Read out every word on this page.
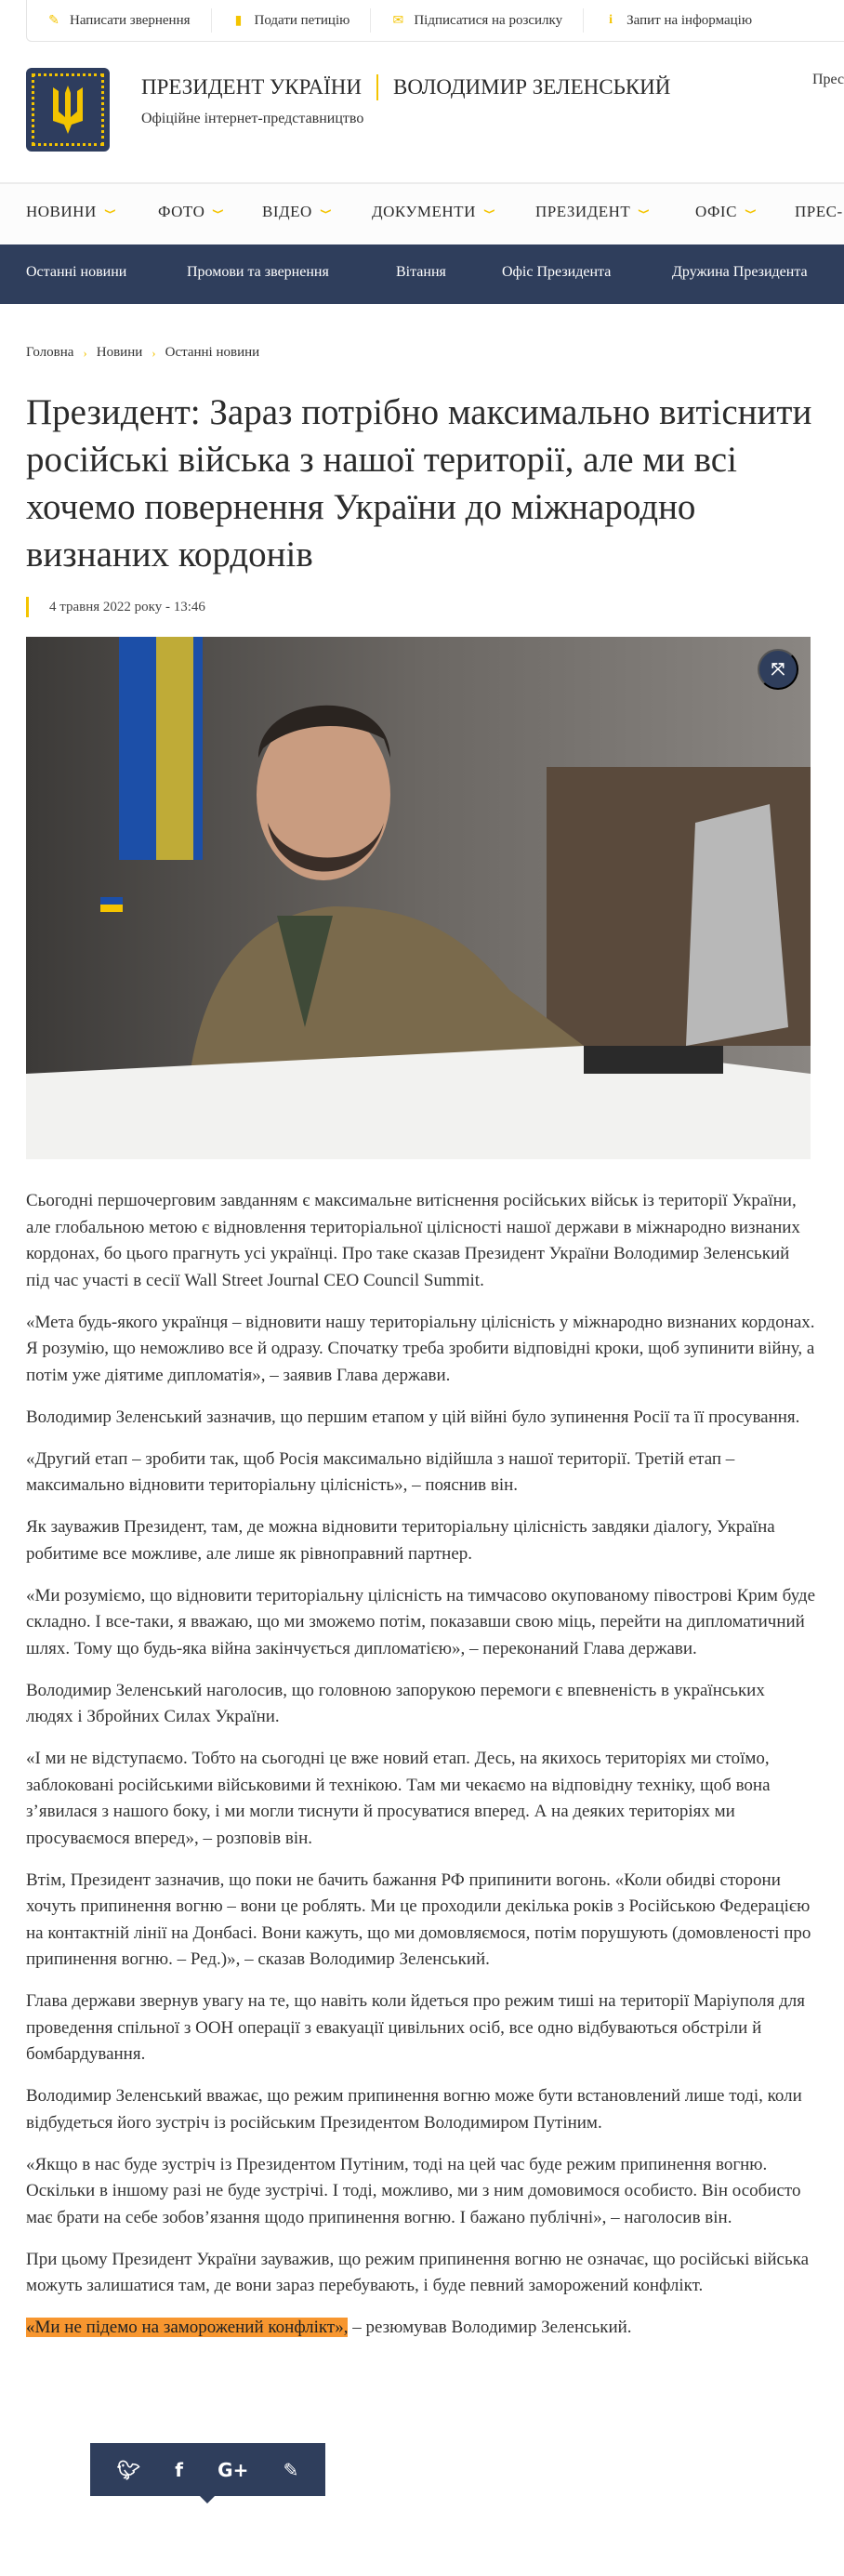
✎ Написати звернення	▮ Подати петицію	✉ Підписатися на розсилку	i	Запит на інформацію
ПРЕЗИДЕНТ УКРАЇНИ ВОЛОДИМИР ЗЕЛЕНСЬКИЙ
Офіційне інтернет-представництво
Прес
НОВИНИ ❯	ФОТО ❯ ВІДЕО ❯	ДОКУМЕНТИ ❯	ПРЕЗИДЕНТ ❯	ОФІС ❯ ПРЕС-
Останні новини	Промови та звернення	Вітання	Офіс Президента	Дружина Президента
Головна › Новини › Останні новини
Президент: Зараз потрібно максимально витіснити російські війська з нашої території, але ми всі хочемо повернення України до міжнародно визнаних кордонів
4 травня 2022 року - 13:46
⤧

Сьогодні першочерговим завданням є максимальне витіснення російських військ із території України, але глобальною метою є відновлення територіальної цілісності нашої держави в міжнародно визнаних кордонах, бо цього прагнуть усі українці. Про таке сказав Президент України Володимир Зеленський під час участі в сесії Wall Street Journal CEO Council Summit.

«Мета будь-якого українця – відновити нашу територіальну цілісність у міжнародно визнаних кордонах. Я розумію, що неможливо все й одразу. Спочатку треба зробити відповідні кроки, щоб зупинити війну, а потім уже діятиме дипломатія», – заявив Глава держави.

Володимир Зеленський зазначив, що першим етапом у цій війні було зупинення Росії та її просування.

«Другий етап – зробити так, щоб Росія максимально відійшла з нашої території. Третій етап – максимально відновити територіальну цілісність», – пояснив він.

Як зауважив Президент, там, де можна відновити територіальну цілісність завдяки діалогу, Україна робитиме все можливе, але лише як рівноправний партнер.

«Ми розуміємо, що відновити територіальну цілісність на тимчасово окупованому півострові Крим буде складно. І все-таки, я вважаю, що ми зможемо потім, показавши свою міць, перейти на дипломатичний шлях. Тому що будь-яка війна закінчується дипломатією», – переконаний Глава держави.

Володимир Зеленський наголосив, що головною запорукою перемоги є впевненість в українських людях і Збройних Силах України.

«І ми не відступаємо. Тобто на сьогодні це вже новий етап. Десь, на якихось територіях ми стоїмо, заблоковані російськими військовими й технікою. Там ми чекаємо на відповідну техніку, щоб вона з’явилася з нашого боку, і ми могли тиснути й просуватися вперед. А на деяких територіях ми просуваємося вперед», – розповів він.

Втім, Президент зазначив, що поки не бачить бажання РФ припинити вогонь. «Коли обидві сторони хочуть припинення вогню – вони це роблять. Ми це проходили декілька років з Російською Федерацією на контактній лінії на Донбасі. Вони кажуть, що ми домовляємося, потім порушують (домовленості про припинення вогню. – Ред.)», – сказав Володимир Зеленський.

Глава держави звернув увагу на те, що навіть коли йдеться про режим тиші на території Маріуполя для проведення спільної з ООН операції з евакуації цивільних осіб, все одно відбуваються обстріли й бомбардування.

Володимир Зеленський вважає, що режим припинення вогню може бути встановлений лише тоді, коли відбудеться його зустріч із російським Президентом Володимиром Путіним.

«Якщо в нас буде зустріч із Президентом Путіним, тоді на цей час буде режим припинення вогню. Оскільки в іншому разі не буде зустрічі. І тоді, можливо, ми з ним домовимося особисто. Він особисто має брати на себе зобов’язання щодо припинення вогню. І бажано публічні», – наголосив він.

При цьому Президент України зауважив, що режим припинення вогню не означає, що російські війська можуть залишатися там, де вони зараз перебувають, і буде певний заморожений конфлікт.

«Ми не підемо на заморожений конфлікт», – резюмував Володимир Зеленський.

🐦︎ f G+ ✎
